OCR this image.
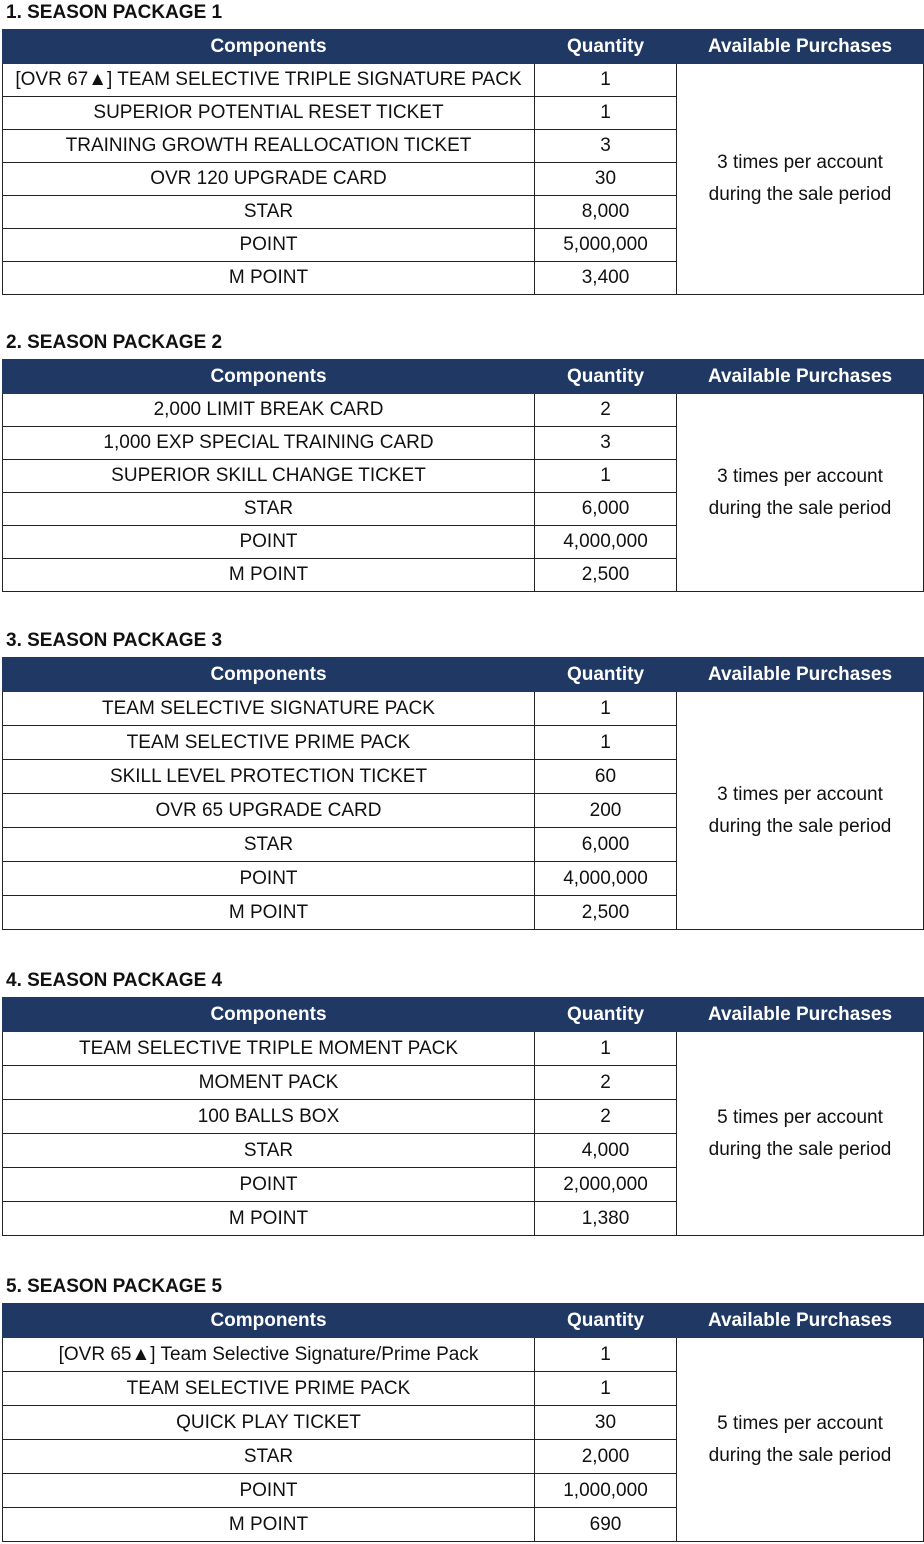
1. SEASON PACKAGE 1
Components	Quantity	Available Purchases
[OVR 67▲] TEAM SELECTIVE TRIPLE SIGNATURE PACK	1	3 times per account
during the sale period

SUPERIOR POTENTIAL RESET TICKET	1	
TRAINING GROWTH REALLOCATION TICKET	3	
OVR 120 UPGRADE CARD	30	
STAR	8,000	
POINT	5,000,000	
M POINT	3,400	
2. SEASON PACKAGE 2
Components	Quantity	Available Purchases
2,000 LIMIT BREAK CARD	2	3 times per account
during the sale period

1,000 EXP SPECIAL TRAINING CARD	3	
SUPERIOR SKILL CHANGE TICKET	1	
STAR	6,000	
POINT	4,000,000	
M POINT	2,500	
3. SEASON PACKAGE 3
Components	Quantity	Available Purchases
TEAM SELECTIVE SIGNATURE PACK	1	3 times per account
during the sale period

TEAM SELECTIVE PRIME PACK	1	
SKILL LEVEL PROTECTION TICKET	60	
OVR 65 UPGRADE CARD	200	
STAR	6,000	
POINT	4,000,000	
M POINT	2,500	
4. SEASON PACKAGE 4
Components	Quantity	Available Purchases
TEAM SELECTIVE TRIPLE MOMENT PACK	1	5 times per account
during the sale period

MOMENT PACK	2	
100 BALLS BOX	2	
STAR	4,000	
POINT	2,000,000	
M POINT	1,380	
5. SEASON PACKAGE 5
Components	Quantity	Available Purchases
[OVR 65▲] Team Selective Signature/Prime Pack	1	5 times per account
during the sale period

TEAM SELECTIVE PRIME PACK	1	
QUICK PLAY TICKET	30	
STAR	2,000	
POINT	1,000,000	
M POINT	690	
